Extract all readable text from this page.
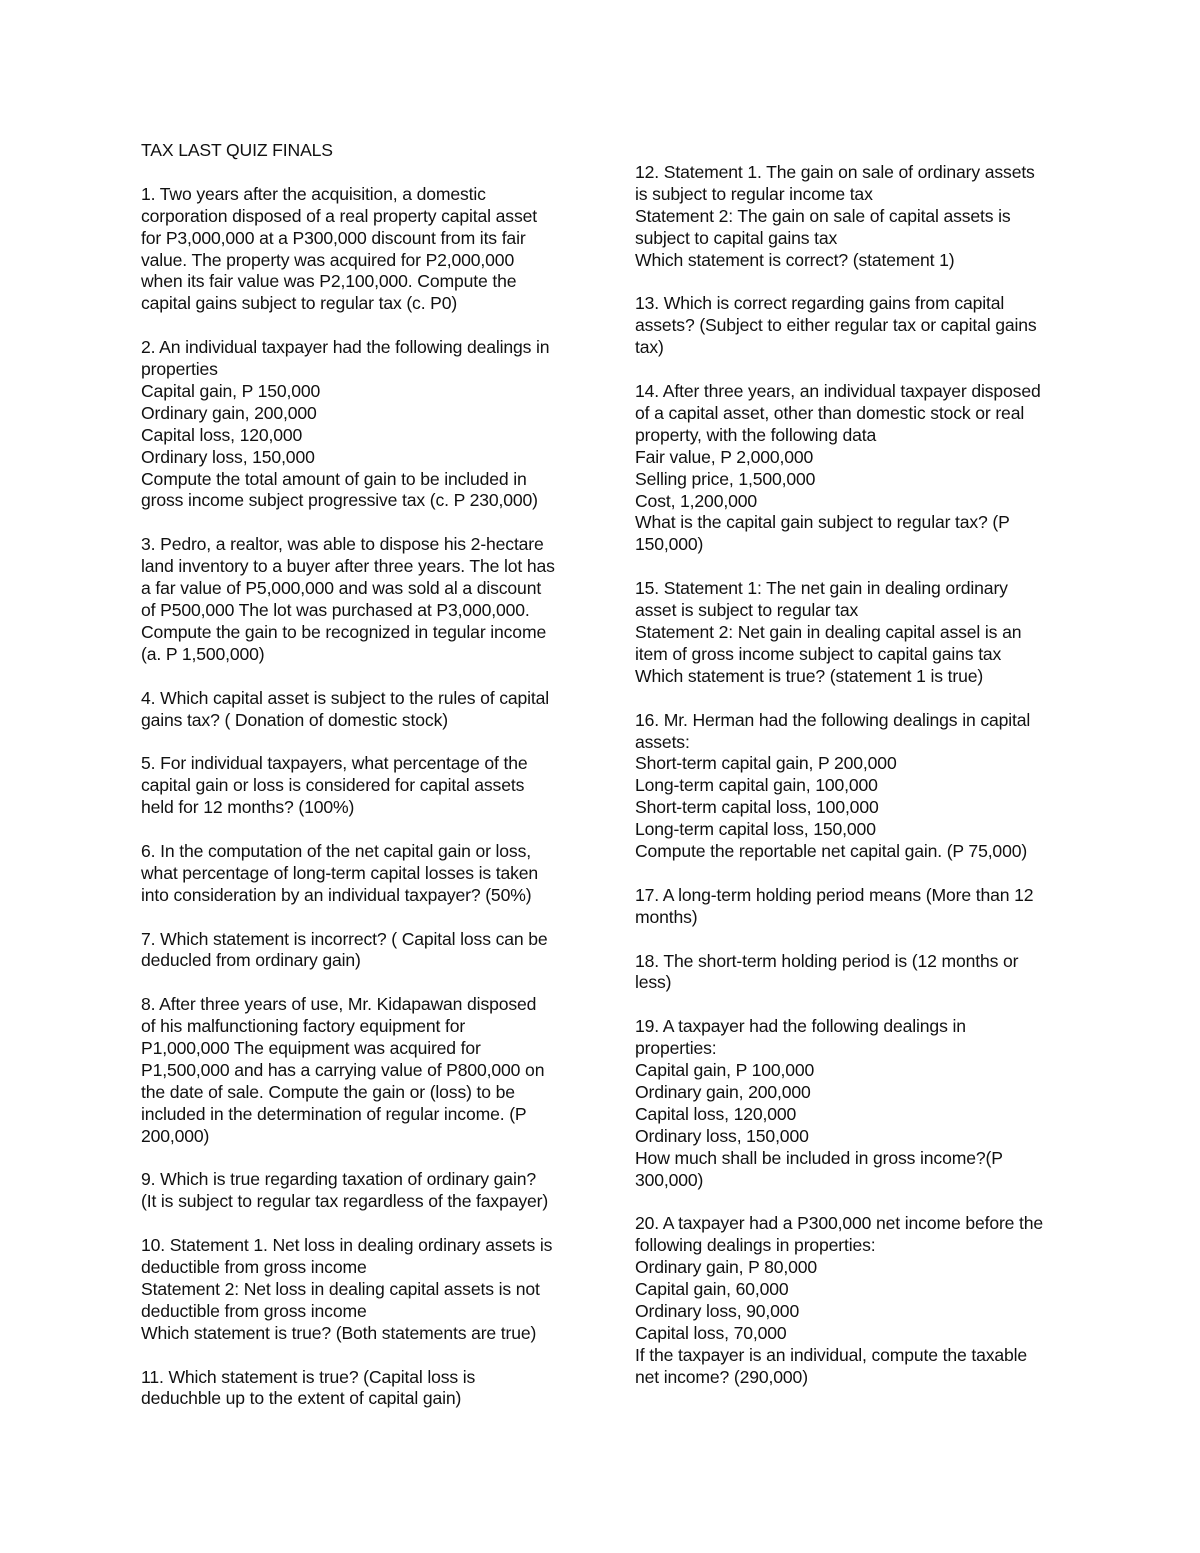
TAX LAST QUIZ FINALS
1. Two years after the acquisition, a domestic
corporation disposed of a real property capital asset
for P3,000,000 at a P300,000 discount from its fair
value. The property was acquired for P2,000,000
when its fair value was P2,100,000. Compute the
capital gains subject to regular tax (c. P0)
2. An individual taxpayer had the following dealings in
properties
Capital gain, P 150,000
Ordinary gain, 200,000
Capital loss, 120,000
Ordinary loss, 150,000
Compute the total amount of gain to be included in
gross income subject progressive tax (c. P 230,000)
3. Pedro, a realtor, was able to dispose his 2-hectare
land inventory to a buyer after three years. The lot has
a far value of P5,000,000 and was sold al a discount
of P500,000 The lot was purchased at P3,000,000.
Compute the gain to be recognized in tegular income
(a. P 1,500,000)
4. Which capital asset is subject to the rules of capital
gains tax? ( Donation of domestic stock)
5. For individual taxpayers, what percentage of the
capital gain or loss is considered for capital assets
held for 12 months? (100%)
6. In the computation of the net capital gain or loss,
what percentage of long-term capital losses is taken
into consideration by an individual taxpayer? (50%)
7. Which statement is incorrect? ( Capital loss can be
deducled from ordinary gain)
8. After three years of use, Mr. Kidapawan disposed
of his malfunctioning factory equipment for
P1,000,000 The equipment was acquired for
P1,500,000 and has a carrying value of P800,000 on
the date of sale. Compute the gain or (loss) to be
included in the determination of regular income. (P
200,000)
9. Which is true regarding taxation of ordinary gain?
(It is subject to regular tax regardless of the faxpayer)
10. Statement 1. Net loss in dealing ordinary assets is
deductible from gross income
Statement 2: Net loss in dealing capital assets is not
deductible from gross income
Which statement is true? (Both statements are true)
11. Which statement is true? (Capital loss is
deduchble up to the extent of capital gain)
12. Statement 1. The gain on sale of ordinary assets
is subject to regular income tax
Statement 2: The gain on sale of capital assets is
subject to capital gains tax
Which statement is correct? (statement 1)
13. Which is correct regarding gains from capital
assets? (Subject to either regular tax or capital gains
tax)
14. After three years, an individual taxpayer disposed
of a capital asset, other than domestic stock or real
property, with the following data
Fair value, P 2,000,000
Selling price, 1,500,000
Cost, 1,200,000
What is the capital gain subject to regular tax? (P
150,000)
15. Statement 1: The net gain in dealing ordinary
asset is subject to regular tax
Statement 2: Net gain in dealing capital assel is an
item of gross income subject to capital gains tax
Which statement is true? (statement 1 is true)
16. Mr. Herman had the following dealings in capital
assets:
Short-term capital gain, P 200,000
Long-term capital gain, 100,000
Short-term capital loss, 100,000
Long-term capital loss, 150,000
Compute the reportable net capital gain. (P 75,000)
17. A long-term holding period means (More than 12
months)
18. The short-term holding period is (12 months or
less)
19. A taxpayer had the following dealings in
properties:
Capital gain, P 100,000
Ordinary gain, 200,000
Capital loss, 120,000
Ordinary loss, 150,000
How much shall be included in gross income?(P
300,000)
20. A taxpayer had a P300,000 net income before the
following dealings in properties:
Ordinary gain, P 80,000
Capital gain, 60,000
Ordinary loss, 90,000
Capital loss, 70,000
If the taxpayer is an individual, compute the taxable
net income? (290,000)
